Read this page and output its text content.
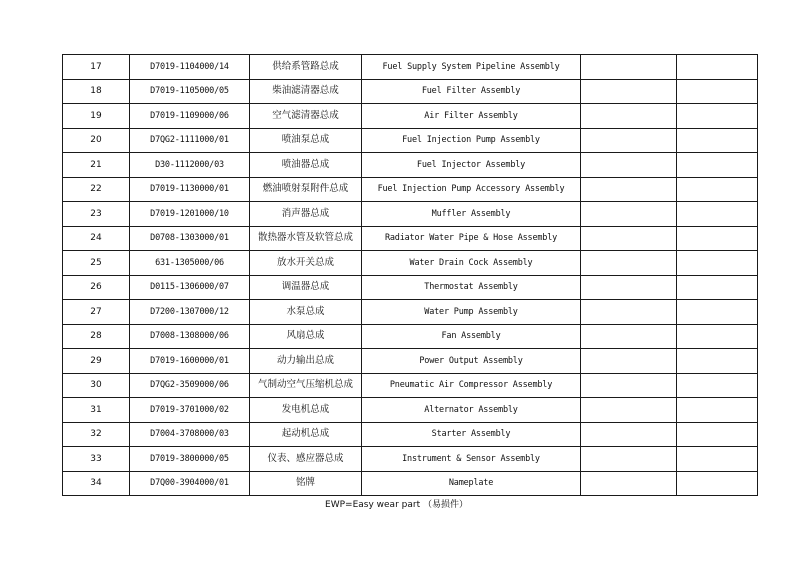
17	D7019-1104000/14	供给系管路总成	Fuel Supply System Pipeline Assembly		
18	D7019-1105000/05	柴油滤清器总成	Fuel Filter Assembly		
19	D7019-1109000/06	空气滤清器总成	Air Filter Assembly		
20	D7QG2-1111000/01	喷油泵总成	Fuel Injection Pump Assembly		
21	D30-1112000/03	喷油器总成	Fuel Injector Assembly		
22	D7019-1130000/01	燃油喷射泵附件总成	Fuel Injection Pump Accessory Assembly		
23	D7019-1201000/10	消声器总成	Muffler Assembly		
24	D0708-1303000/01	散热器水管及软管总成	Radiator Water Pipe & Hose Assembly		
25	631-1305000/06	放水开关总成	Water Drain Cock Assembly		
26	D0115-1306000/07	调温器总成	Thermostat Assembly		
27	D7200-1307000/12	水泵总成	Water Pump Assembly		
28	D7008-1308000/06	风扇总成	Fan Assembly		
29	D7019-1600000/01	动力输出总成	Power Output Assembly		
30	D7QG2-3509000/06	气制动空气压缩机总成	Pneumatic Air Compressor Assembly		
31	D7019-3701000/02	发电机总成	Alternator Assembly		
32	D7004-3708000/03	起动机总成	Starter Assembly		
33	D7019-3800000/05	仪表、感应器总成	Instrument & Sensor Assembly		
34	D7Q00-3904000/01	铭牌	Nameplate		
EWP=Easy wear part （易损件）
